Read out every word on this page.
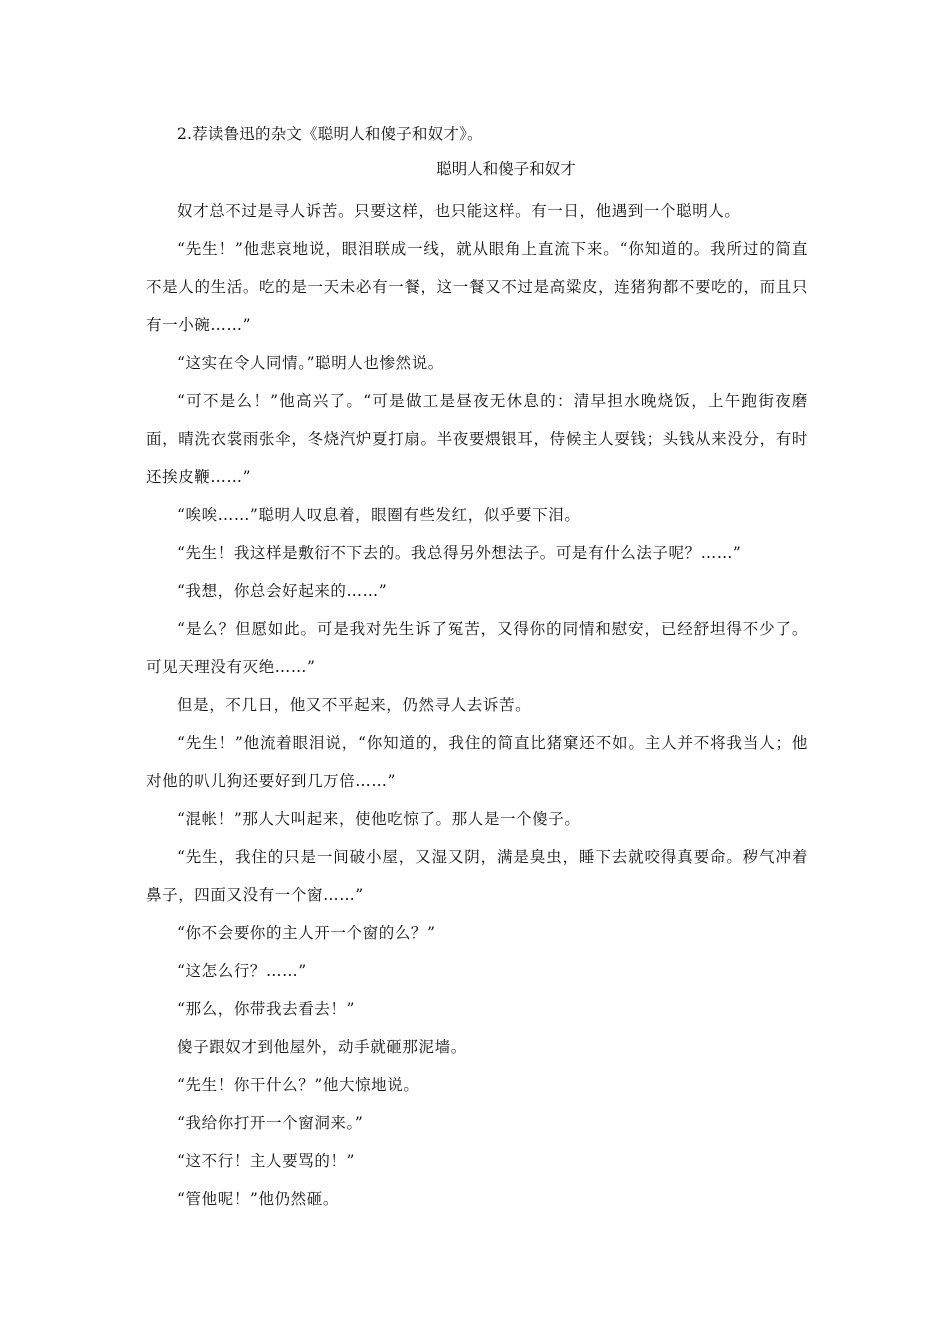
2.荐读鲁迅的杂文《聪明人和傻子和奴才》。

聪明人和傻子和奴才

奴才总不过是寻人诉苦。只要这样，也只能这样。有一日，他遇到一个聪明人。

“先生！”他悲哀地说，眼泪联成一线，就从眼角上直流下来。“你知道的。我所过的简直不是人的生活。吃的是一天未必有一餐，这一餐又不过是高粱皮，连猪狗都不要吃的，而且只有一小碗……”

“这实在令人同情。”聪明人也惨然说。

“可不是么！”他高兴了。“可是做工是昼夜无休息的：清早担水晚烧饭，上午跑街夜磨面，晴洗衣裳雨张伞，冬烧汽炉夏打扇。半夜要煨银耳，侍候主人耍钱；头钱从来没分，有时还挨皮鞭……”

“唉唉……”聪明人叹息着，眼圈有些发红，似乎要下泪。

“先生！我这样是敷衍不下去的。我总得另外想法子。可是有什么法子呢？……”

“我想，你总会好起来的……”

“是么？但愿如此。可是我对先生诉了冤苦，又得你的同情和慰安，已经舒坦得不少了。可见天理没有灭绝……”

但是，不几日，他又不平起来，仍然寻人去诉苦。

“先生！”他流着眼泪说，“你知道的，我住的简直比猪窠还不如。主人并不将我当人；他对他的叭儿狗还要好到几万倍……”

“混帐！”那人大叫起来，使他吃惊了。那人是一个傻子。

“先生，我住的只是一间破小屋，又湿又阴，满是臭虫，睡下去就咬得真要命。秽气冲着鼻子，四面又没有一个窗……”

“你不会要你的主人开一个窗的么？”

“这怎么行？……”

“那么，你带我去看去！”

傻子跟奴才到他屋外，动手就砸那泥墙。

“先生！你干什么？”他大惊地说。

“我给你打开一个窗洞来。”

“这不行！主人要骂的！”

“管他呢！”他仍然砸。
